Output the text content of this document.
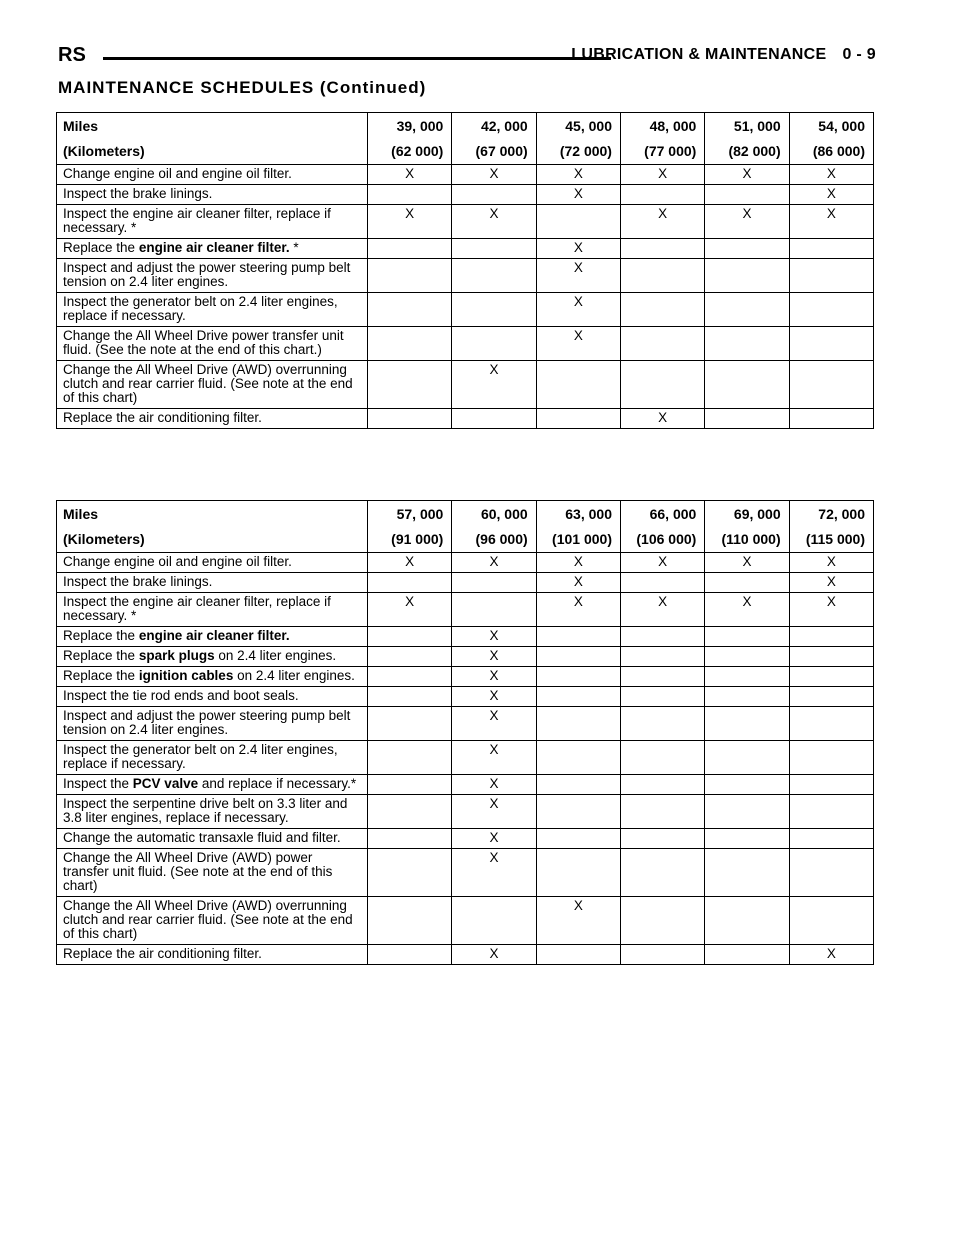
RS	LUBRICATION & MAINTENANCE 0 - 9
MAINTENANCE SCHEDULES (Continued)
Miles	39, 000	42, 000	45, 000	48, 000	51, 000	54, 000
(Kilometers)	(62 000)	(67 000)	(72 000)	(77 000)	(82 000)	(86 000)
Change engine oil and engine oil filter.	X	X	X	X	X	X
Inspect the brake linings.			X			X
Inspect the engine air cleaner filter, replace if necessary. *	X	X		X	X	X
Replace the engine air cleaner filter. *			X			
Inspect and adjust the power steering pump belt tension on 2.4 liter engines.			X			
Inspect the generator belt on 2.4 liter engines, replace if necessary.			X			
Change the All Wheel Drive power transfer unit fluid. (See the note at the end of this chart.)			X			
Change the All Wheel Drive (AWD) overrunning clutch and rear carrier fluid. (See note at the end of this chart)		X				
Replace the air conditioning filter.				X		
Miles	57, 000	60, 000	63, 000	66, 000	69, 000	72, 000
(Kilometers)	(91 000)	(96 000)	(101 000)	(106 000)	(110 000)	(115 000)
Change engine oil and engine oil filter.	X	X	X	X	X	X
Inspect the brake linings.			X			X
Inspect the engine air cleaner filter, replace if necessary. *	X		X	X	X	X
Replace the engine air cleaner filter.		X				
Replace the spark plugs on 2.4 liter engines.		X				
Replace the ignition cables on 2.4 liter engines.		X				
Inspect the tie rod ends and boot seals.		X				
Inspect and adjust the power steering pump belt tension on 2.4 liter engines.		X				
Inspect the generator belt on 2.4 liter engines, replace if necessary.		X				
Inspect the PCV valve and replace if necessary.*		X				
Inspect the serpentine drive belt on 3.3 liter and 3.8 liter engines, replace if necessary.		X				
Change the automatic transaxle fluid and filter.		X				
Change the All Wheel Drive (AWD) power transfer unit fluid. (See note at the end of this chart)		X				
Change the All Wheel Drive (AWD) overrunning clutch and rear carrier fluid. (See note at the end of this chart)			X			
Replace the air conditioning filter.		X				X
